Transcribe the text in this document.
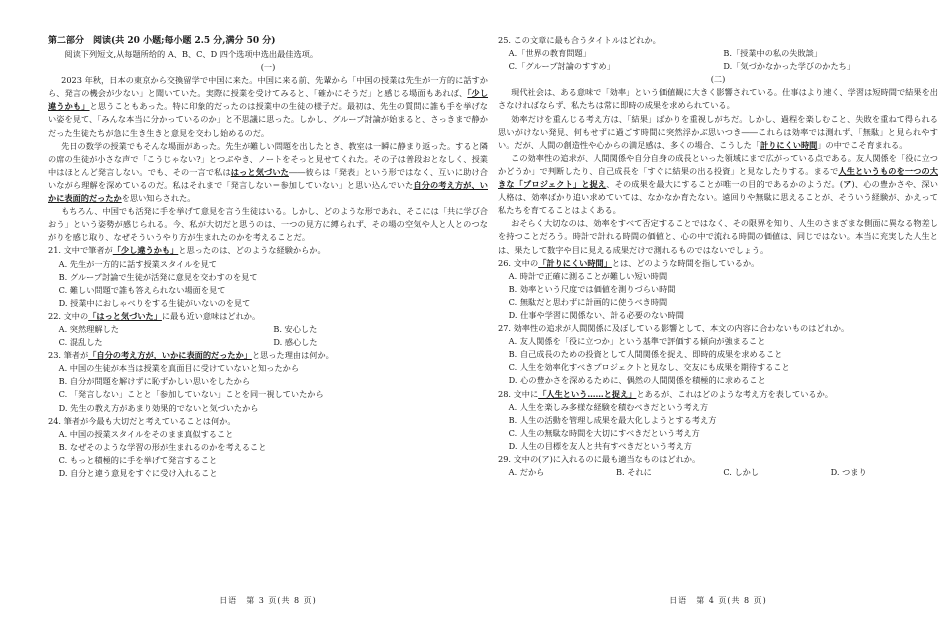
第二部分　阅读(共 20 小题;每小题 2.5 分,满分 50 分)
阅读下列短文,从每题所给的 A、B、C、D 四个选项中选出最佳选项。
(一)

2023 年秋，日本の東京から交換留学で中国に来た。中国に来る前、先輩から「中国の授業は先生が一方的に話すから、発言の機会が少ない」と聞いていた。実際に授業を受けてみると、「確かにそうだ」と感じる場面もあれば、「少し違うかも」と思うこともあった。特に印象的だったのは授業中の生徒の様子だ。最初は、先生の質問に誰も手を挙げない姿を見て、「みんな本当に分かっているのか」と不思議に思った。しかし、グループ討論が始まると、さっきまで静かだった生徒たちが急に生き生きと意見を交わし始めるのだ。

先日の数学の授業でもそんな場面があった。先生が難しい問題を出したとき、教室は一瞬に静まり返った。すると隣の席の生徒が小さな声で「こうじゃない?」とつぶやき、ノートをそっと見せてくれた。その子は普段おとなしく、授業中はほとんど発言しない。でも、その一言で私ははっと気づいた――彼らは「発表」という形ではなく、互いに助け合いながら理解を深めているのだ。私はそれまで「発言しない＝参加していない」と思い込んでいた自分の考え方が、いかに表面的だったかを思い知らされた。

もちろん、中国でも活発に手を挙げて意見を言う生徒はいる。しかし、どのような形であれ、そこには「共に学び合おう」という姿勢が感じられる。今、私が大切だと思うのは、一つの見方に縛られず、その場の空気や人と人とのつながりを感じ取り、なぜそういうやり方が生まれたのかを考えることだ。

21. 文中で筆者が「少し違うかも」と思ったのは、どのような経験からか。
A. 先生が一方的に話す授業スタイルを見て
B. グループ討論で生徒が活発に意見を交わすのを見て
C. 難しい問題で誰も答えられない場面を見て
D. 授業中におしゃべりをする生徒がいないのを見て
22. 文中の「はっと気づいた」に最も近い意味はどれか。
A. 突然理解した	B. 安心した
C. 混乱した	D. 感心した
23. 筆者が「自分の考え方が，いかに表面的だったか」と思った理由は何か。
A. 中国の生徒が本当は授業を真面目に受けていないと知ったから
B. 自分が問題を解けずに恥ずかしい思いをしたから
C. 「発言しない」ことと「参加していない」ことを同一視していたから
D. 先生の教え方があまり効果的でないと気づいたから
24. 筆者が今最も大切だと考えていることは何か。
A. 中国の授業スタイルをそのまま真似すること
B. なぜそのような学習の形が生まれるのかを考えること
C. もっと積極的に手を挙げて発言すること
D. 自分と違う意見をすぐに受け入れること
25. この文章に最も合うタイトルはどれか。
A.「世界の教育問題」	B.「授業中の私の失敗談」
C.「グループ討論のすすめ」	D.「気づかなかった学びのかたち」
(二)

現代社会は、ある意味で「効率」という価値観に大きく影響されている。仕事はより速く、学習は短時間で結果を出さなければならず、私たちは常に即時の成果を求められている。

効率だけを重んじる考え方は、「結果」ばかりを重視しがちだ。しかし、過程を楽しむこと、失敗を重ねて得られる思いがけない発見、何もせずに過ごす時間に突然浮かぶ思いつき――これらは効率では測れず、「無駄」と見られやすい。だが、人間の創造性や心からの満足感は、多くの場合、こうした「計りにくい時間」の中でこそ育まれる。

この効率性の追求が、人間関係や自分自身の成長といった領域にまで広がっている点である。友人関係を「役に立つかどうか」で判断したり、自己成長を「すぐに結果の出る投資」と見なしたりする。まるで人生というものを一つの大きな「プロジェクト」と捉え、その成果を最大にすることが唯一の目的であるかのようだ。(ア)、心の豊かさや、深い人格は、効率ばかり追い求めていては、なかなか育たない。遠回りや無駄に思えることが、そういう経験が、かえって私たちを育てることはよくある。

おそらく大切なのは、効率をすべて否定することではなく、その限界を知り、人生のさまざまな側面に異なる物差しを持つことだろう。時計で計れる時間の価値と、心の中で流れる時間の価値は、同じではない。本当に充実した人生とは、果たして数字や目に見える成果だけで測れるものではないでしょう。

26. 文中の「計りにくい時間」とは、どのような時間を指しているか。
A. 時計で正確に測ることが難しい短い時間
B. 効率という尺度では価値を測りづらい時間
C. 無駄だと思わずに計画的に使うべき時間
D. 仕事や学習に関係ない、計る必要のない時間
27. 効率性の追求が人間関係に及ぼしている影響として、本文の内容に合わないものはどれか。
A. 友人関係を「役に立つか」という基準で評価する傾向が強まること
B. 自己成長のための投資として人間関係を捉え、即時的成果を求めること
C. 人生を効率化すべきプロジェクトと見なし、交友にも成果を期待すること
D. 心の豊かさを深めるために、偶然の人間関係を積極的に求めること
28. 文中に「人生という……と捉え」とあるが、これはどのような考え方を表しているか。
A. 人生を楽しみ多様な経験を積むべきだという考え方
B. 人生の活動を管理し成果を最大化しようとする考え方
C. 人生の無駄な時間を大切にすべきだという考え方
D. 人生の目標を友人と共有すべきだという考え方
29. 文中の(ア)に入れるのに最も適当なものはどれか。
A. だから	B. それに	C. しかし	D. つまり
日语　第 3 页(共 8 页)	日语　第 4 页(共 8 页)
